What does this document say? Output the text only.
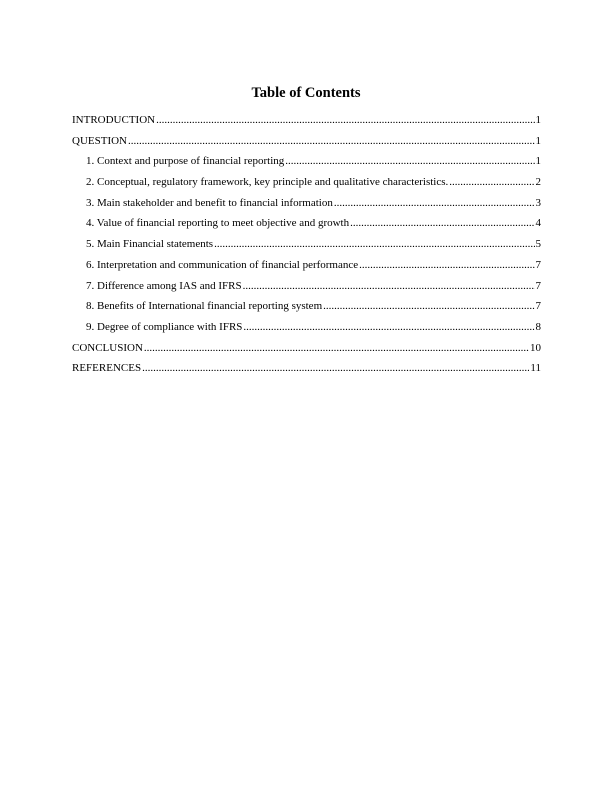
Table of Contents
INTRODUCTION .....	1
QUESTION .....	1
1. Context and purpose of financial reporting .....	1
2. Conceptual, regulatory framework, key principle and qualitative characteristics. .....	2
3. Main stakeholder and benefit to financial information .....	3
4. Value of financial reporting to meet objective and growth .....	4
5. Main Financial statements .....	5
6. Interpretation and communication of financial performance .....	7
7. Difference among IAS and IFRS .....	7
8. Benefits of International financial reporting system .....	7
9. Degree of compliance with IFRS .....	8
CONCLUSION .....	10
REFERENCES .....	11
